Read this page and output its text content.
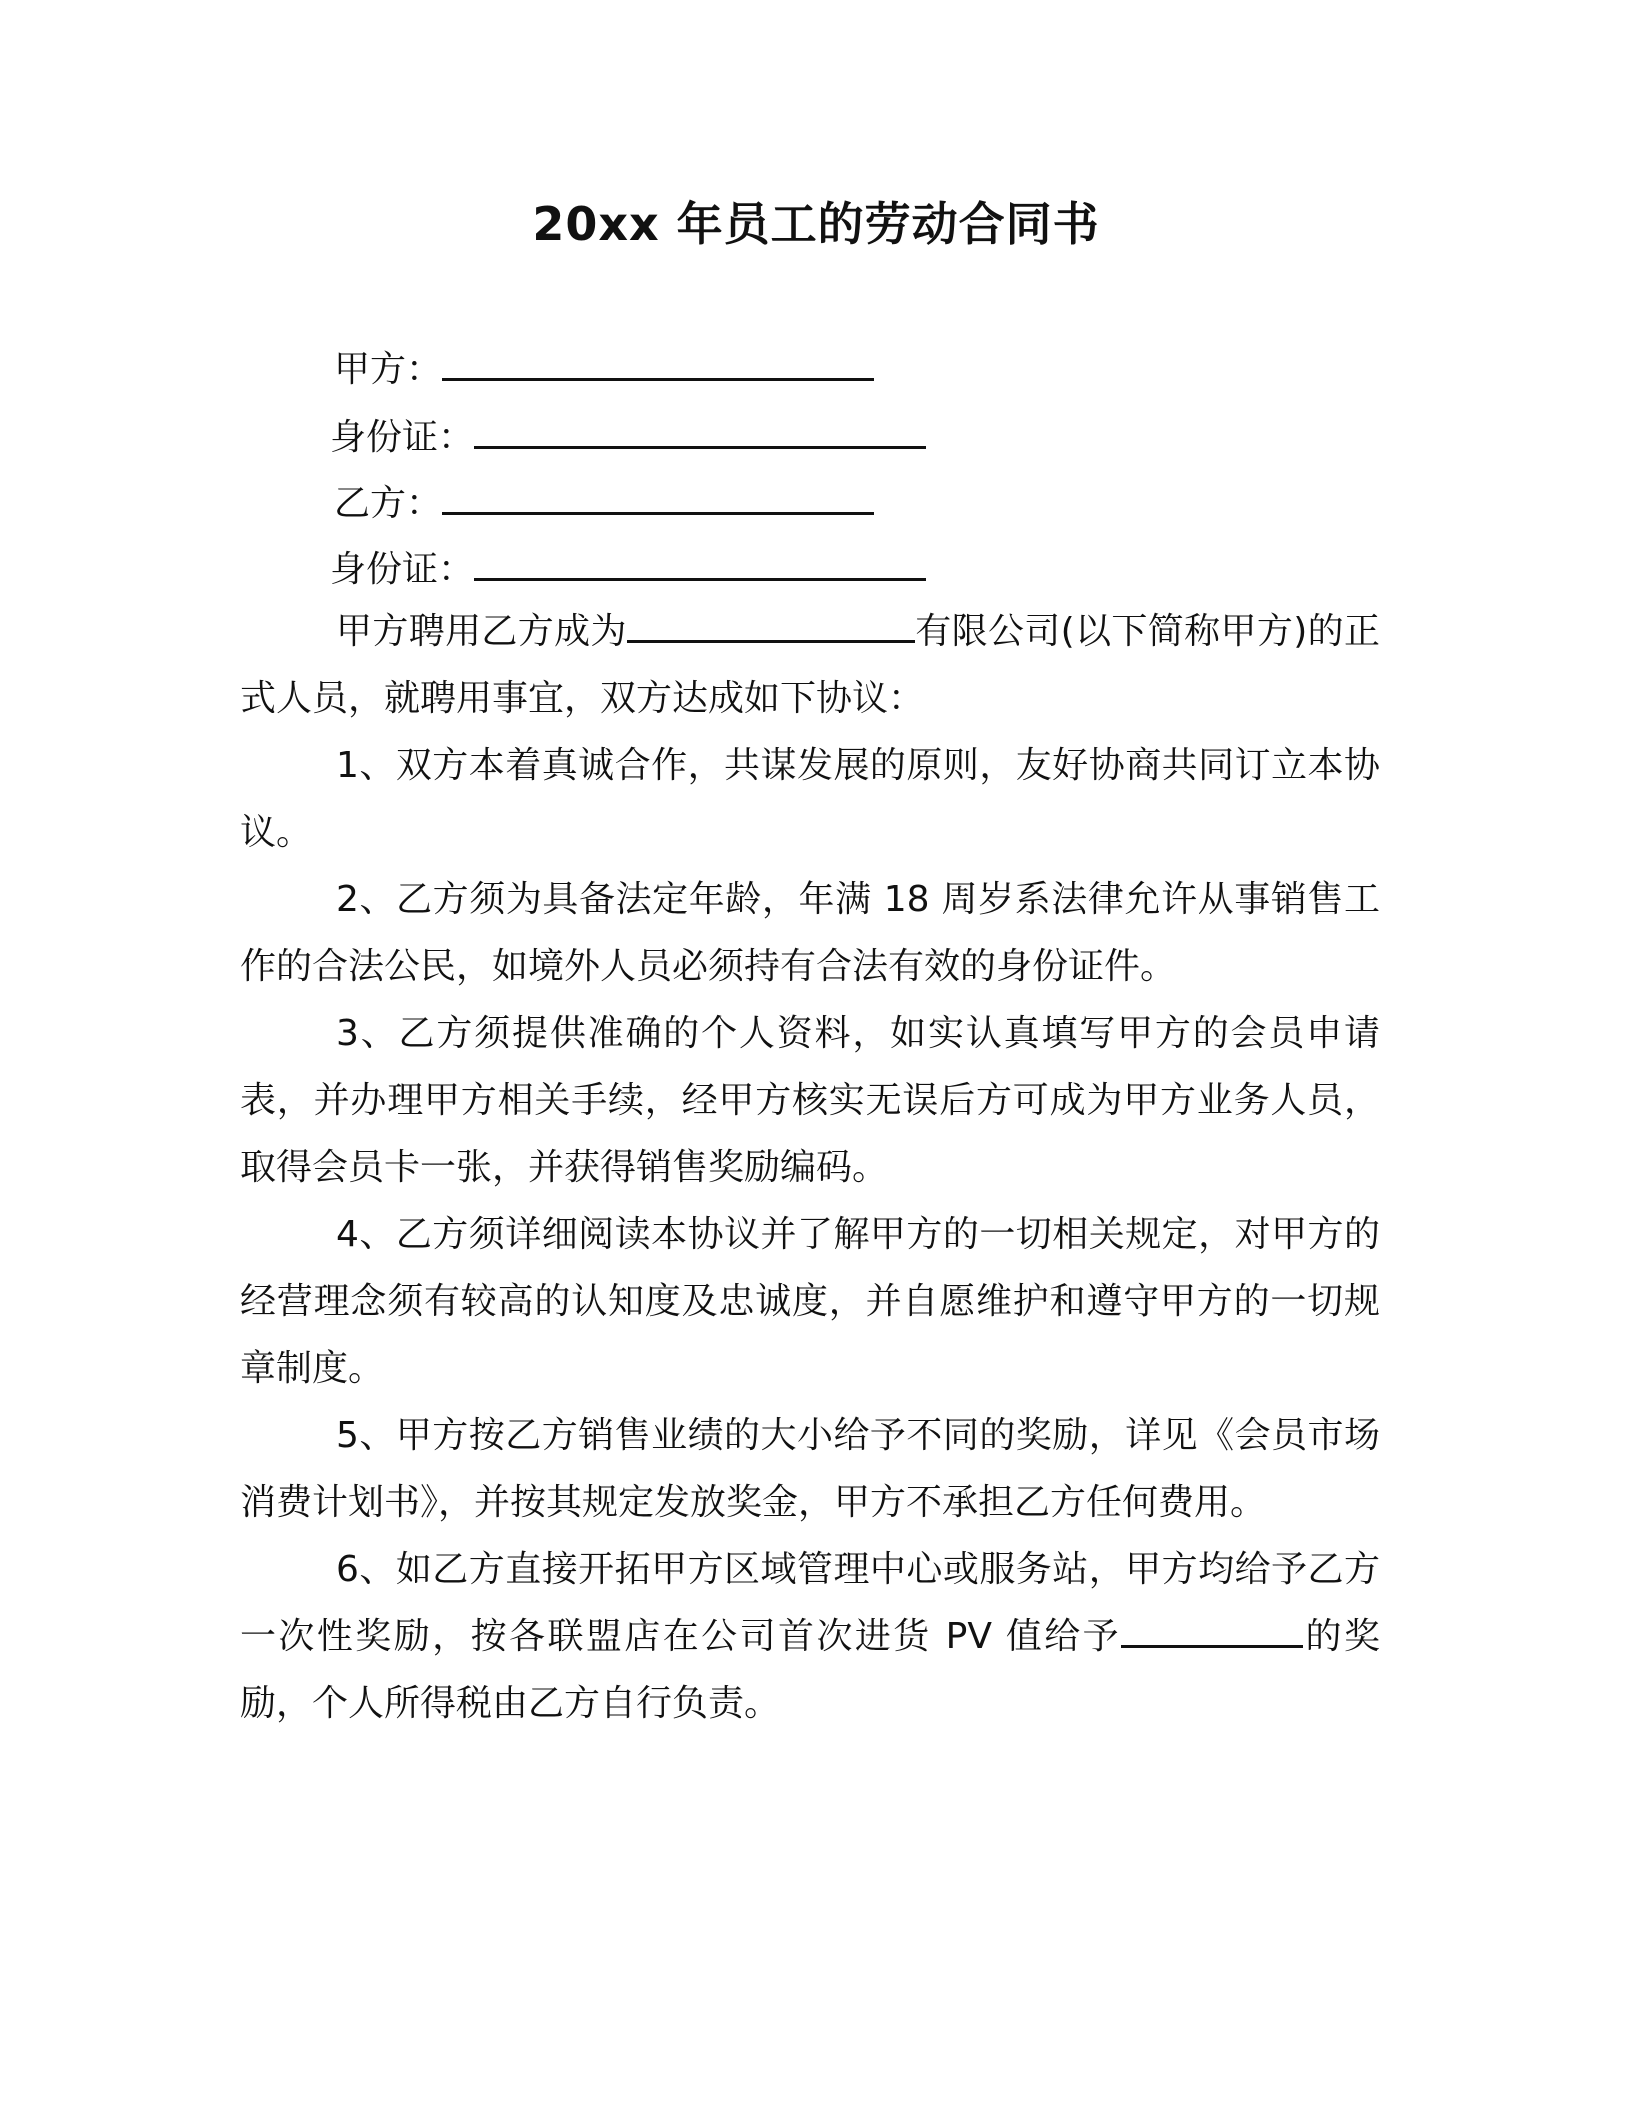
20xx 年员工的劳动合同书
甲方：
身份证：
乙方：
身份证：

甲方聘用乙方成为	有限公司(以下简称甲方)的正式人员，就聘用事宜，双方达成如下协议：

1、双方本着真诚合作，共谋发展的原则，友好协商共同订立本协议。

2、乙方须为具备法定年龄，年满 18 周岁系法律允许从事销售工作的合法公民，如境外人员必须持有合法有效的身份证件。

3、乙方须提供准确的个人资料，如实认真填写甲方的会员申请表，并办理甲方相关手续，经甲方核实无误后方可成为甲方业务人员，取得会员卡一张，并获得销售奖励编码。

4、乙方须详细阅读本协议并了解甲方的一切相关规定，对甲方的经营理念须有较高的认知度及忠诚度，并自愿维护和遵守甲方的一切规章制度。

5、甲方按乙方销售业绩的大小给予不同的奖励，详见《会员市场消费计划书》，并按其规定发放奖金，甲方不承担乙方任何费用。

6、如乙方直接开拓甲方区域管理中心或服务站，甲方均给予乙方一次性奖励，按各联盟店在公司首次进货 PV 值给予	的奖励，个人所得税由乙方自行负责。
